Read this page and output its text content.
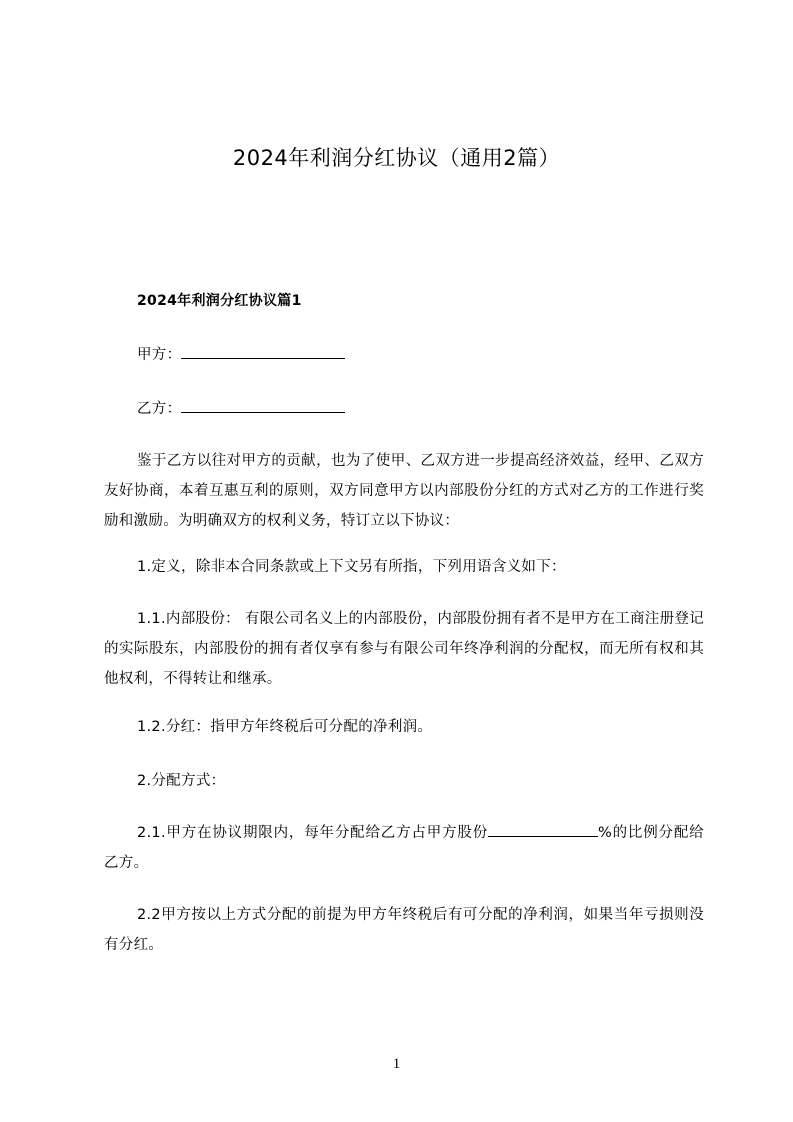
2024年利润分红协议（通用2篇）
2024年利润分红协议篇1
甲方：
乙方：
鉴于乙方以往对甲方的贡献，也为了使甲、乙双方进一步提高经济效益，经甲、乙双方友好协商，本着互惠互利的原则，双方同意甲方以内部股份分红的方式对乙方的工作进行奖励和激励。为明确双方的权利义务，特订立以下协议：
1.定义，除非本合同条款或上下文另有所指，下列用语含义如下：
1.1.内部股份： 有限公司名义上的内部股份，内部股份拥有者不是甲方在工商注册登记的实际股东，内部股份的拥有者仅享有参与有限公司年终净利润的分配权，而无所有权和其他权利，不得转让和继承。
1.2.分红：指甲方年终税后可分配的净利润。
2.分配方式：
2.1.甲方在协议期限内，每年分配给乙方占甲方股份	%的比例分配给乙方。
2.2甲方按以上方式分配的前提为甲方年终税后有可分配的净利润，如果当年亏损则没有分红。
1
